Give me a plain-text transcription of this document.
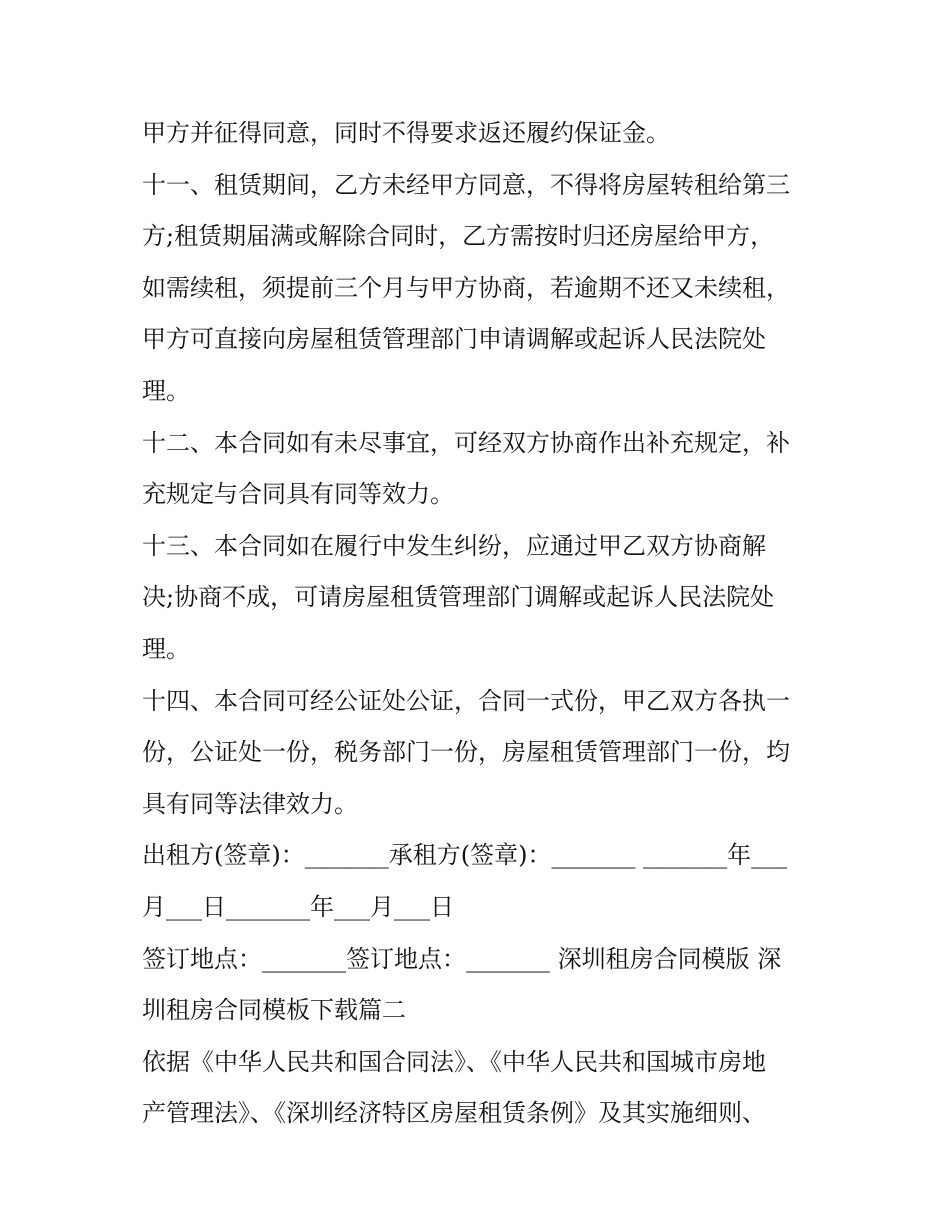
甲方并征得同意，同时不得要求返还履约保证金。
十一、租赁期间，乙方未经甲方同意，不得将房屋转租给第三
方;租赁期届满或解除合同时，乙方需按时归还房屋给甲方，
如需续租，须提前三个月与甲方协商，若逾期不还又未续租，
甲方可直接向房屋租赁管理部门申请调解或起诉人民法院处
理。
十二、本合同如有未尽事宜，可经双方协商作出补充规定，补
充规定与合同具有同等效力。
十三、本合同如在履行中发生纠纷，应通过甲乙双方协商解
决;协商不成，可请房屋租赁管理部门调解或起诉人民法院处
理。
十四、本合同可经公证处公证，合同一式份，甲乙双方各执一
份，公证处一份，税务部门一份，房屋租赁管理部门一份，均
具有同等法律效力。
出租方(签章)：_______承租方(签章)：_______ _______年___
月___日_______年___月___日
签订地点：_______签订地点：_______ 深圳租房合同模版 深
圳租房合同模板下载篇二
依据《中华人民共和国合同法》、《中华人民共和国城市房地
产管理法》、《深圳经济特区房屋租赁条例》及其实施细则、
